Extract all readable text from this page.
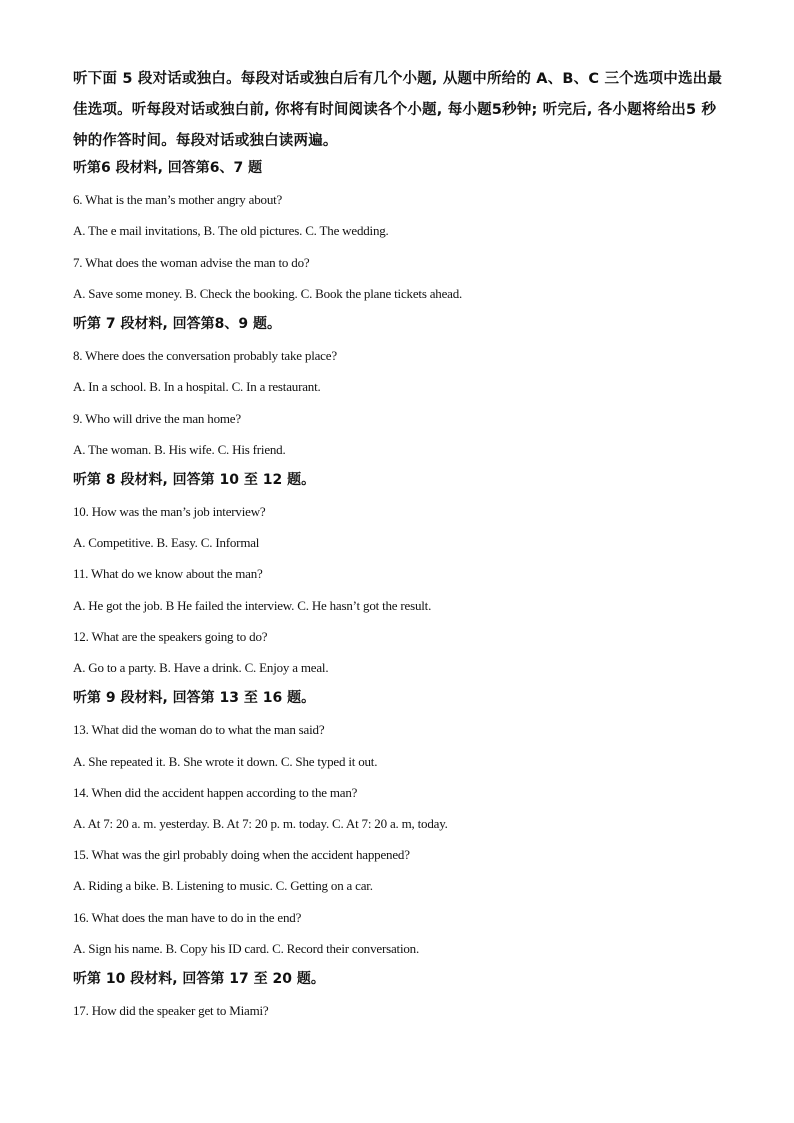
听下面 5 段对话或独白。每段对话或独白后有几个小题, 从题中所给的 A、B、C 三个选项中选出最佳选项。听每段对话或独白前, 你将有时间阅读各个小题, 每小题5秒钟; 听完后, 各小题将给出5 秒钟的作答时间。每段对话或独白读两遍。
听第6 段材料, 回答第6、7 题
6. What is the man’s mother angry about?
A. The e mail invitations, B. The old pictures. C. The wedding.
7. What does the woman advise the man to do?
A. Save some money. B. Check the booking. C. Book the plane tickets ahead.
听第 7 段材料, 回答第8、9 题。
8. Where does the conversation probably take place?
A. In a school. B. In a hospital. C. In a restaurant.
9. Who will drive the man home?
A. The woman. B. His wife. C. His friend.
听第 8 段材料, 回答第 10 至 12 题。
10. How was the man’s job interview?
A. Competitive. B. Easy. C. Informal
11. What do we know about the man?
A. He got the job. B He failed the interview. C. He hasn’t got the result.
12. What are the speakers going to do?
A. Go to a party. B. Have a drink. C. Enjoy a meal.
听第 9 段材料, 回答第 13 至 16 题。
13. What did the woman do to what the man said?
A. She repeated it. B. She wrote it down. C. She typed it out.
14. When did the accident happen according to the man?
A. At 7: 20 a. m. yesterday. B. At 7: 20 p. m. today. C. At 7: 20 a. m, today.
15. What was the girl probably doing when the accident happened?
A. Riding a bike. B. Listening to music. C. Getting on a car.
16. What does the man have to do in the end?
A. Sign his name. B. Copy his ID card. C. Record their conversation.
听第 10 段材料, 回答第 17 至 20 题。
17. How did the speaker get to Miami?
